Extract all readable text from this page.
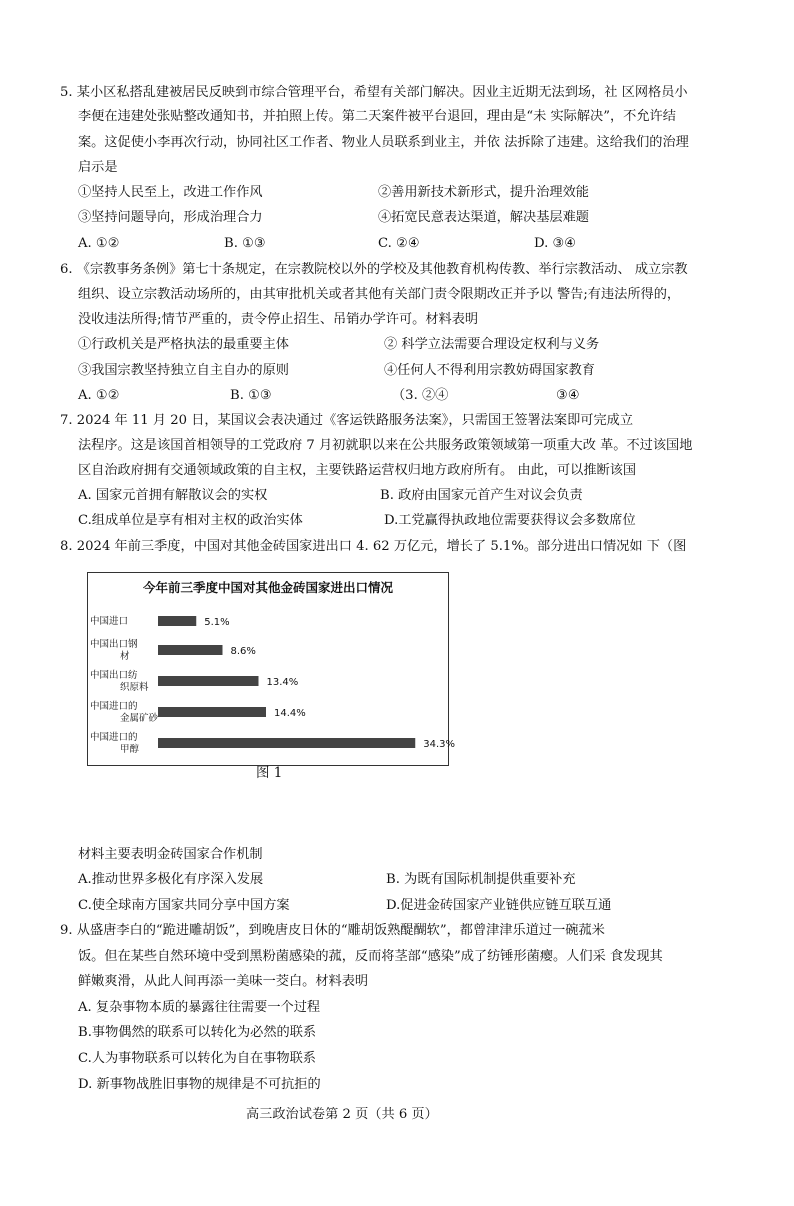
5. 某小区私搭乱建被居民反映到市综合管理平台，希望有关部门解决。因业主近期无法到场，社 区网格员小
李便在违建处张贴整改通知书，并拍照上传。第二天案件被平台退回，理由是“未 实际解决”，不允许结
案。这促使小李再次行动，协同社区工作者、物业人员联系到业主，并依 法拆除了违建。这给我们的治理
启示是
①坚持人民至上，改进工作作风	②善用新技术新形式，提升治理效能
③坚持问题导向，形成治理合力	④拓宽民意表达渠道，解决基层难题
A. ①②	B. ①③	C. ②④	D. ③④
6. 《宗教事务条例》第七十条规定，在宗教院校以外的学校及其他教育机构传教、举行宗教活动、 成立宗教
组织、设立宗教活动场所的，由其审批机关或者其他有关部门责令限期改正并予以 警告;有违法所得的，
没收违法所得;情节严重的，责令停止招生、吊销办学许可。材料表明
①行政机关是严格执法的最重要主体	② 科学立法需要合理设定权利与义务
③我国宗教坚持独立自主自办的原则	④任何人不得利用宗教妨碍国家教育
A. ①②	B. ①③	（3. ②④	③④
7. 2024 年 11 月 20 日，某国议会表决通过《客运铁路服务法案》，只需国王签署法案即可完成立
法程序。这是该国首相领导的工党政府 7 月初就职以来在公共服务政策领域第一项重大改 革。不过该国地
区自治政府拥有交通领域政策的自主权，主要铁路运营权归地方政府所有。 由此，可以推断该国
A. 国家元首拥有解散议会的实权	B. 政府由国家元首产生对议会负责
C.组成单位是享有相对主权的政治实体	D.工党赢得执政地位需要获得议会多数席位
8. 2024 年前三季度，中国对其他金砖国家进出口 4. 62 万亿元，增长了 5.1%。部分进出口情况如 下（图
今年前三季度中国对其他金砖国家进出口情况
中国进口	5.1%
中国出口钢材	8.6%
中国出口纺织原料	13.4%
中国进口的金属矿砂	14.4%
中国进口的甲醇	34.3%
图 1
材料主要表明金砖国家合作机制
A.推动世界多极化有序深入发展	B. 为既有国际机制提供重要补充
C.使全球南方国家共同分享中国方案	D.促进金砖国家产业链供应链互联互通
9. 从盛唐李白的“跪进雕胡饭”，到晚唐皮日休的“雕胡饭熟醍醐软”，都曾津津乐道过一碗菰米
饭。但在某些自然环境中受到黑粉菌感染的菰，反而将茎部“感染”成了纺锤形菌瘿。人们采 食发现其
鲜嫩爽滑，从此人间再添一美味一茭白。材料表明
A. 复杂事物本质的暴露往往需要一个过程
B.事物偶然的联系可以转化为必然的联系
C.人为事物联系可以转化为自在事物联系
D. 新事物战胜旧事物的规律是不可抗拒的
高三政治试卷第 2 页（共 6 页）
